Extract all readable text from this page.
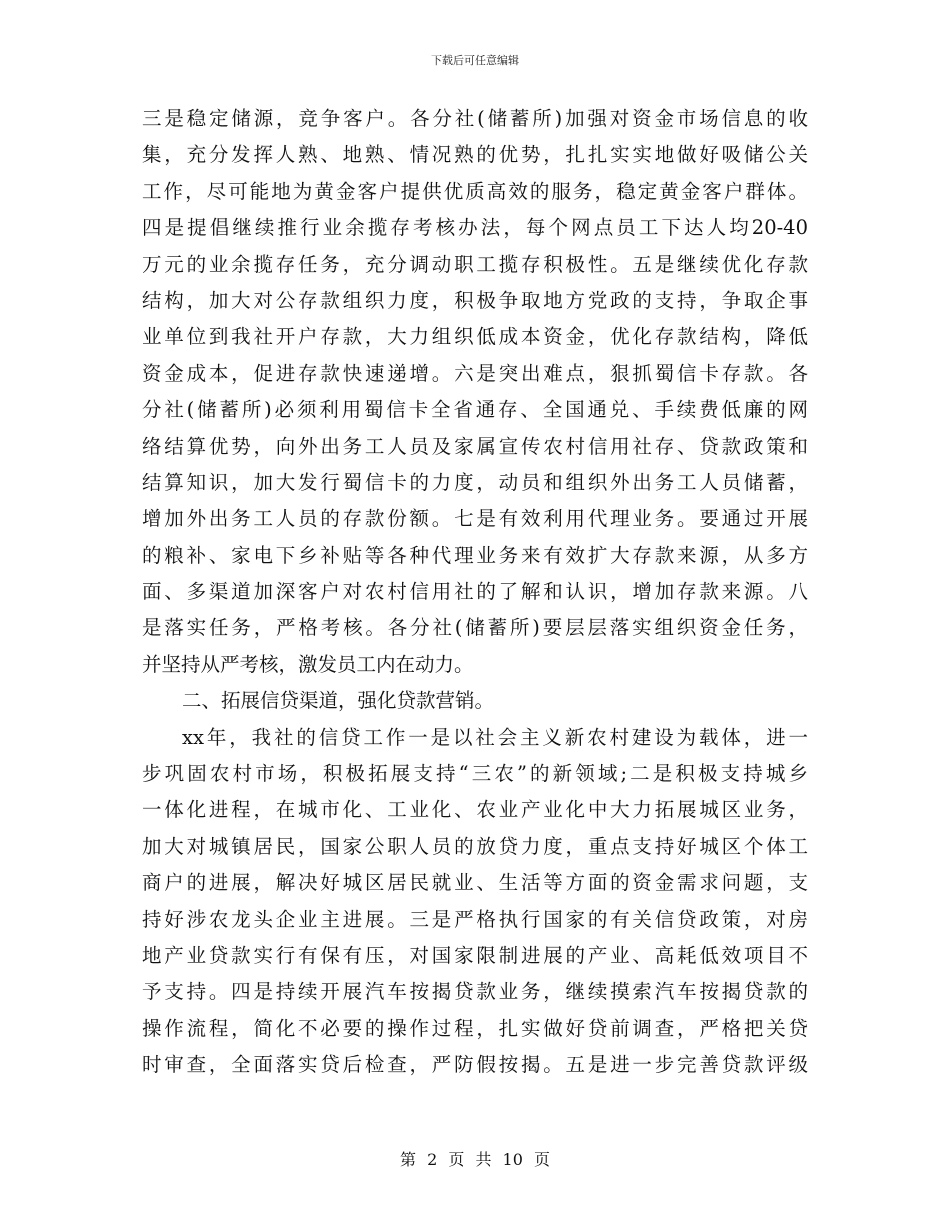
下载后可任意编辑
三是稳定储源，竞争客户。各分社(储蓄所)加强对资金市场信息的收
集，充分发挥人熟、地熟、情况熟的优势，扎扎实实地做好吸储公关
工作，尽可能地为黄金客户提供优质高效的服务，稳定黄金客户群体。
四是提倡继续推行业余揽存考核办法，每个网点员工下达人均20-40
万元的业余揽存任务，充分调动职工揽存积极性。五是继续优化存款
结构，加大对公存款组织力度，积极争取地方党政的支持，争取企事
业单位到我社开户存款，大力组织低成本资金，优化存款结构，降低
资金成本，促进存款快速递增。六是突出难点，狠抓蜀信卡存款。各
分社(储蓄所)必须利用蜀信卡全省通存、全国通兑、手续费低廉的网
络结算优势，向外出务工人员及家属宣传农村信用社存、贷款政策和
结算知识，加大发行蜀信卡的力度，动员和组织外出务工人员储蓄，
增加外出务工人员的存款份额。七是有效利用代理业务。要通过开展
的粮补、家电下乡补贴等各种代理业务来有效扩大存款来源，从多方
面、多渠道加深客户对农村信用社的了解和认识，增加存款来源。八
是落实任务，严格考核。各分社(储蓄所)要层层落实组织资金任务，
并坚持从严考核，激发员工内在动力。
二、拓展信贷渠道，强化贷款营销。
xx年，我社的信贷工作一是以社会主义新农村建设为载体，进一
步巩固农村市场，积极拓展支持“三农”的新领域;二是积极支持城乡
一体化进程，在城市化、工业化、农业产业化中大力拓展城区业务，
加大对城镇居民，国家公职人员的放贷力度，重点支持好城区个体工
商户的进展，解决好城区居民就业、生活等方面的资金需求问题，支
持好涉农龙头企业主进展。三是严格执行国家的有关信贷政策，对房
地产业贷款实行有保有压，对国家限制进展的产业、高耗低效项目不
予支持。四是持续开展汽车按揭贷款业务，继续摸索汽车按揭贷款的
操作流程，简化不必要的操作过程，扎实做好贷前调查，严格把关贷
时审查，全面落实贷后检查，严防假按揭。五是进一步完善贷款评级
第 2 页 共 10 页
